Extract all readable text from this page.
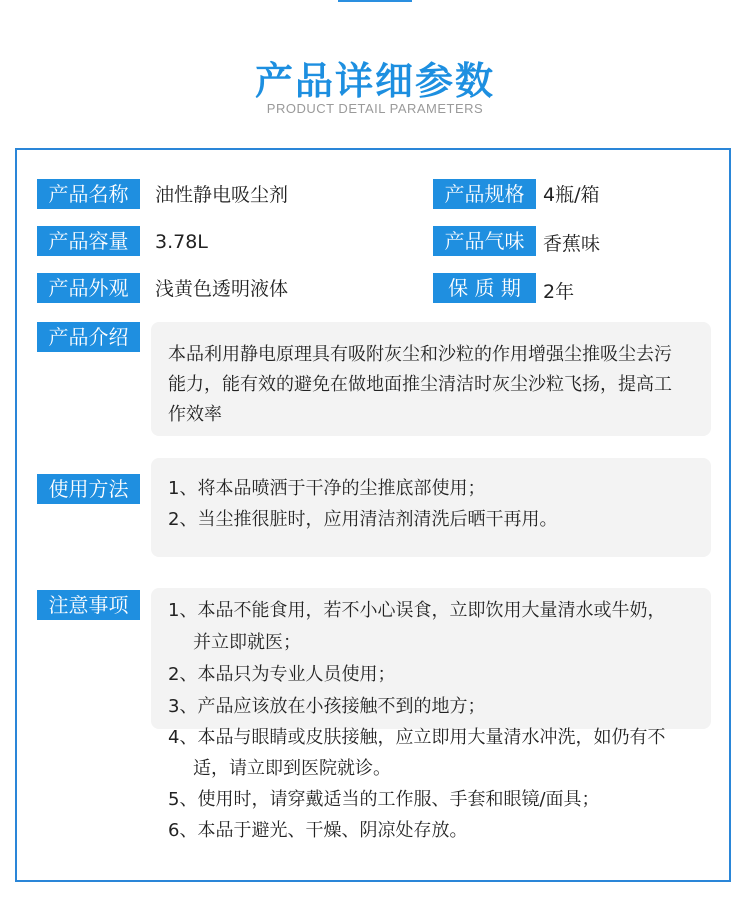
产品详细参数
PRODUCT DETAIL PARAMETERS
产品名称	油性静电吸尘剂	产品规格 4瓶/箱
产品容量	3.78L	产品气味 香蕉味
产品外观	浅黄色透明液体	保 质 期	2年
产品介绍
本品利用静电原理具有吸附灰尘和沙粒的作用增强尘推吸尘去污
能力，能有效的避免在做地面推尘清洁时灰尘沙粒飞扬，提高工
作效率
使用方法	1、将本品喷洒于干净的尘推底部使用；
2、当尘推很脏时，应用清洁剂清洗后晒干再用。
注意事项	1、本品不能食用，若不小心误食，立即饮用大量清水或牛奶，
并立即就医；
2、本品只为专业人员使用；
3、产品应该放在小孩接触不到的地方；
4、本品与眼睛或皮肤接触，应立即用大量清水冲洗，如仍有不
适，请立即到医院就诊。
5、使用时，请穿戴适当的工作服、手套和眼镜/面具；
6、本品于避光、干燥、阴凉处存放。
